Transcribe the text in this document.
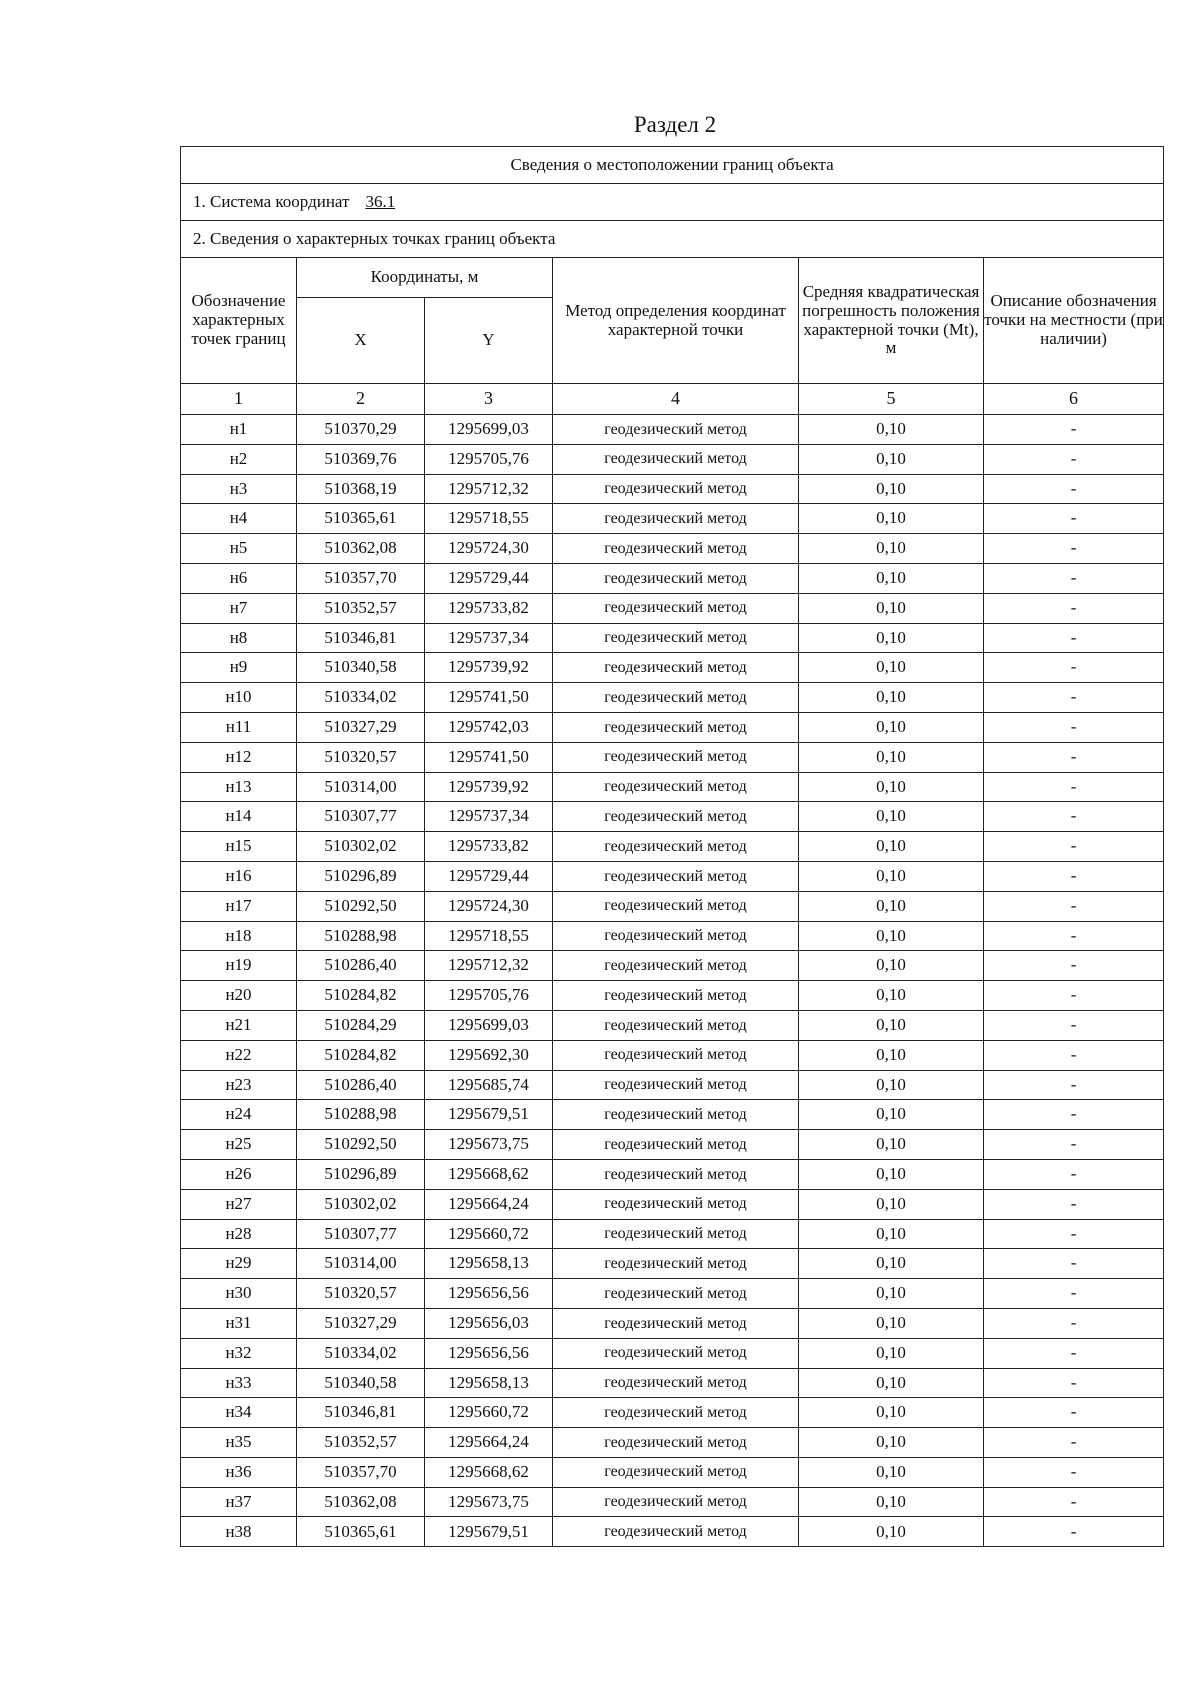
Раздел 2
Сведения о местоположении границ объекта					
1. Система координат 36.1					
2. Сведения о характерных точках границ объекта					
Обозначение характерных точек границ	Координаты, м		Метод определения координат характерной точки	Средняя квадратическая погрешность положения характерной точки (Mt), м	Описание обозначения точки на местности (при наличии)
	X	Y			
1	2	3	4	5	6
н1	510370,29	1295699,03	геодезический метод	0,10	-
н2	510369,76	1295705,76	геодезический метод	0,10	-
н3	510368,19	1295712,32	геодезический метод	0,10	-
н4	510365,61	1295718,55	геодезический метод	0,10	-
н5	510362,08	1295724,30	геодезический метод	0,10	-
н6	510357,70	1295729,44	геодезический метод	0,10	-
н7	510352,57	1295733,82	геодезический метод	0,10	-
н8	510346,81	1295737,34	геодезический метод	0,10	-
н9	510340,58	1295739,92	геодезический метод	0,10	-
н10	510334,02	1295741,50	геодезический метод	0,10	-
н11	510327,29	1295742,03	геодезический метод	0,10	-
н12	510320,57	1295741,50	геодезический метод	0,10	-
н13	510314,00	1295739,92	геодезический метод	0,10	-
н14	510307,77	1295737,34	геодезический метод	0,10	-
н15	510302,02	1295733,82	геодезический метод	0,10	-
н16	510296,89	1295729,44	геодезический метод	0,10	-
н17	510292,50	1295724,30	геодезический метод	0,10	-
н18	510288,98	1295718,55	геодезический метод	0,10	-
н19	510286,40	1295712,32	геодезический метод	0,10	-
н20	510284,82	1295705,76	геодезический метод	0,10	-
н21	510284,29	1295699,03	геодезический метод	0,10	-
н22	510284,82	1295692,30	геодезический метод	0,10	-
н23	510286,40	1295685,74	геодезический метод	0,10	-
н24	510288,98	1295679,51	геодезический метод	0,10	-
н25	510292,50	1295673,75	геодезический метод	0,10	-
н26	510296,89	1295668,62	геодезический метод	0,10	-
н27	510302,02	1295664,24	геодезический метод	0,10	-
н28	510307,77	1295660,72	геодезический метод	0,10	-
н29	510314,00	1295658,13	геодезический метод	0,10	-
н30	510320,57	1295656,56	геодезический метод	0,10	-
н31	510327,29	1295656,03	геодезический метод	0,10	-
н32	510334,02	1295656,56	геодезический метод	0,10	-
н33	510340,58	1295658,13	геодезический метод	0,10	-
н34	510346,81	1295660,72	геодезический метод	0,10	-
н35	510352,57	1295664,24	геодезический метод	0,10	-
н36	510357,70	1295668,62	геодезический метод	0,10	-
н37	510362,08	1295673,75	геодезический метод	0,10	-
н38	510365,61	1295679,51	геодезический метод	0,10	-
